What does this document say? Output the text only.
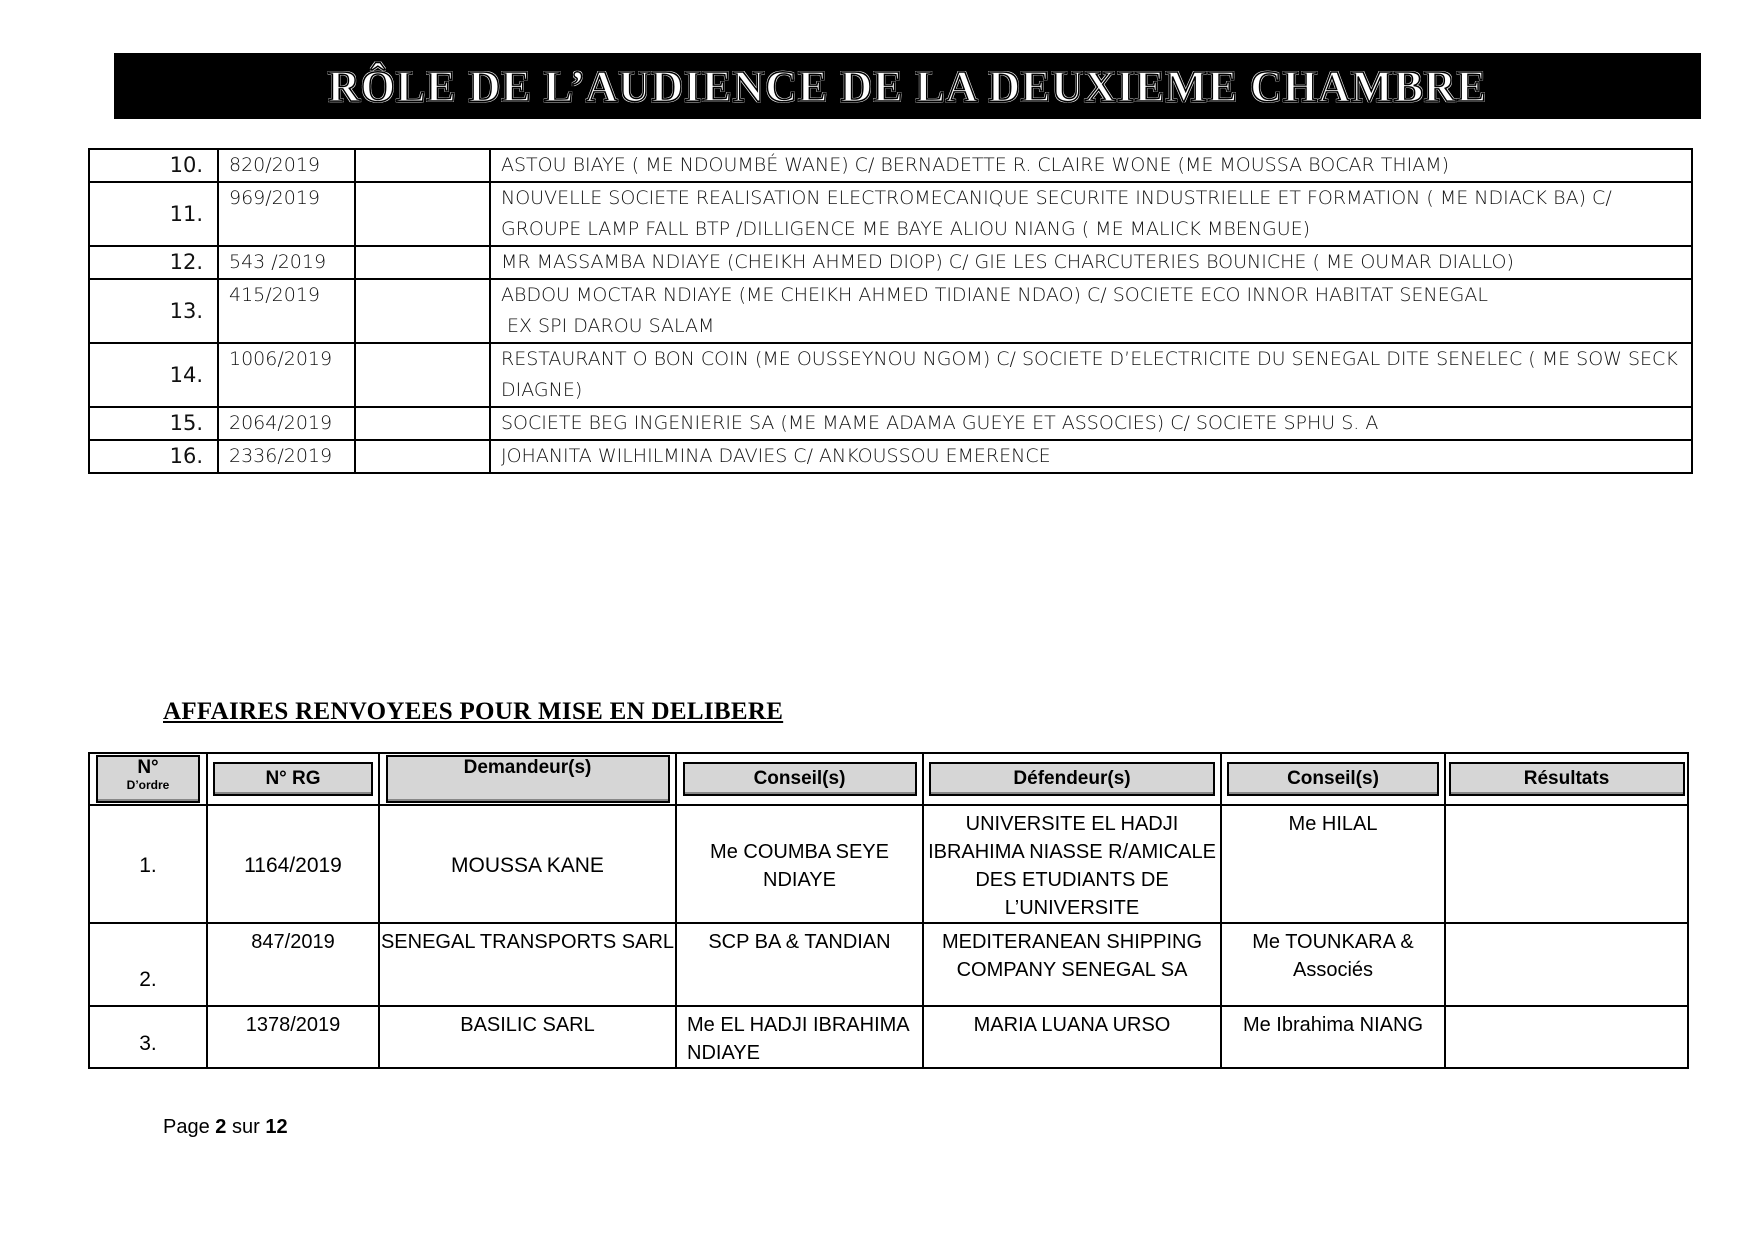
RÔLE DE L’AUDIENCE DE LA DEUXIEME CHAMBRE
10.	820/2019		ASTOU BIAYE ( ME NDOUMBÉ WANE) C/ BERNADETTE R. CLAIRE WONE (ME MOUSSA BOCAR THIAM)
11.	969/2019		NOUVELLE SOCIETE REALISATION ELECTROMECANIQUE SECURITE INDUSTRIELLE ET FORMATION ( ME NDIACK BA) C/ GROUPE LAMP FALL BTP /DILLIGENCE ME BAYE ALIOU NIANG ( ME MALICK MBENGUE)
12.	543 /2019		MR MASSAMBA NDIAYE (CHEIKH AHMED DIOP) C/ GIE LES CHARCUTERIES BOUNICHE ( ME OUMAR DIALLO)
13.	415/2019		ABDOU MOCTAR NDIAYE (ME CHEIKH AHMED TIDIANE NDAO) C/ SOCIETE ECO INNOR HABITAT SENEGAL
EX SPI DAROU SALAM

14.	1006/2019		RESTAURANT O BON COIN (ME OUSSEYNOU NGOM) C/ SOCIETE D’ELECTRICITE DU SENEGAL DITE SENELEC ( ME SOW SECK DIAGNE)
15.	2064/2019		SOCIETE BEG INGENIERIE SA (ME MAME ADAMA GUEYE ET ASSOCIES) C/ SOCIETE SPHU S. A
16.	2336/2019		JOHANITA WILHILMINA DAVIES C/ ANKOUSSOU EMERENCE
AFFAIRES RENVOYEES POUR MISE EN DELIBERE
N°
D’ordre	N° RG	Demandeur(s)	Conseil(s)	Défendeur(s)	Conseil(s)	Résultats

1.	1164/2019	MOUSSA KANE	Me COUMBA SEYE NDIAYE	UNIVERSITE EL HADJI IBRAHIMA NIASSE R/AMICALE DES ETUDIANTS DE L’UNIVERSITE	Me HILAL	
2.	847/2019	SENEGAL TRANSPORTS SARL	SCP BA & TANDIAN	MEDITERANEAN SHIPPING COMPANY SENEGAL SA	Me TOUNKARA & Associés	
3.	1378/2019	BASILIC SARL	Me EL HADJI IBRAHIMA NDIAYE	MARIA LUANA URSO	Me Ibrahima NIANG	
Page 2 sur 12
